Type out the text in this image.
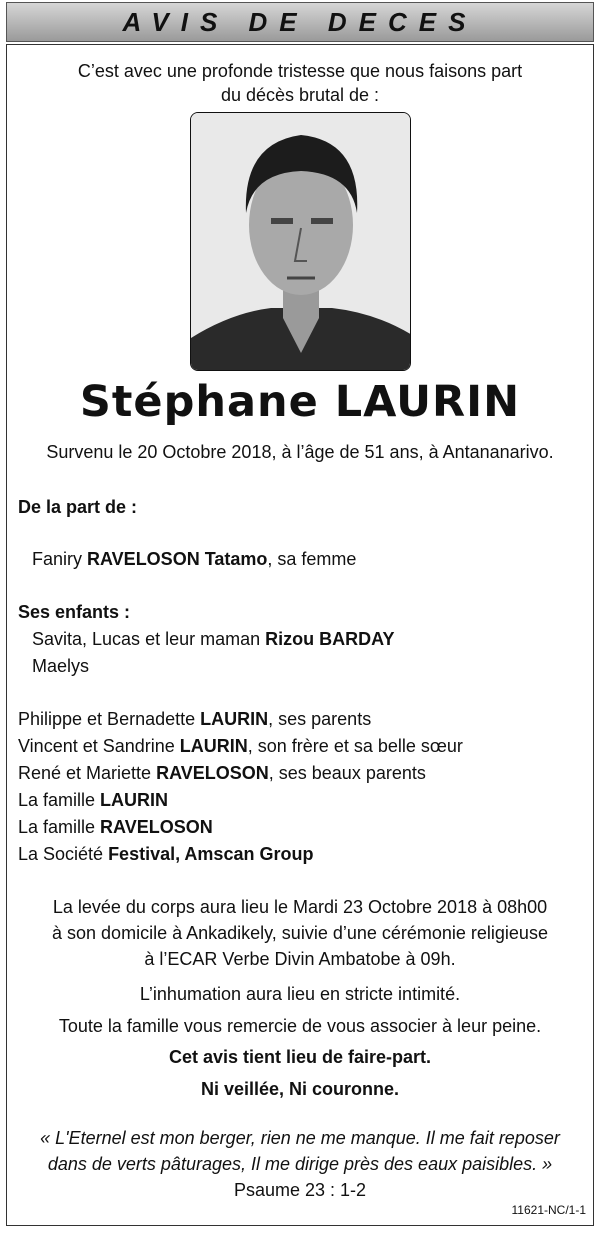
AVIS DE DECES
C’est avec une profonde tristesse que nous faisons part
du décès brutal de :
Stéphane LAURIN
Survenu le 20 Octobre 2018, à l’âge de 51 ans, à Antananarivo.
De la part de :
Faniry RAVELOSON Tatamo, sa femme
Ses enfants :
Savita, Lucas et leur maman Rizou BARDAY
Maelys
Philippe et Bernadette LAURIN, ses parents
Vincent et Sandrine LAURIN, son frère et sa belle sœur
René et Mariette RAVELOSON, ses beaux parents
La famille LAURIN
La famille RAVELOSON
La Société Festival, Amscan Group
La levée du corps aura lieu le Mardi 23 Octobre 2018 à 08h00
à son domicile à Ankadikely, suivie d’une cérémonie religieuse
à l’ECAR Verbe Divin Ambatobe à 09h.
L’inhumation aura lieu en stricte intimité.
Toute la famille vous remercie de vous associer à leur peine.
Cet avis tient lieu de faire-part.
Ni veillée, Ni couronne.
« L'Eternel est mon berger, rien ne me manque. Il me fait reposer
dans de verts pâturages, Il me dirige près des eaux paisibles. »
Psaume 23 : 1-2
11621-NC/1-1
